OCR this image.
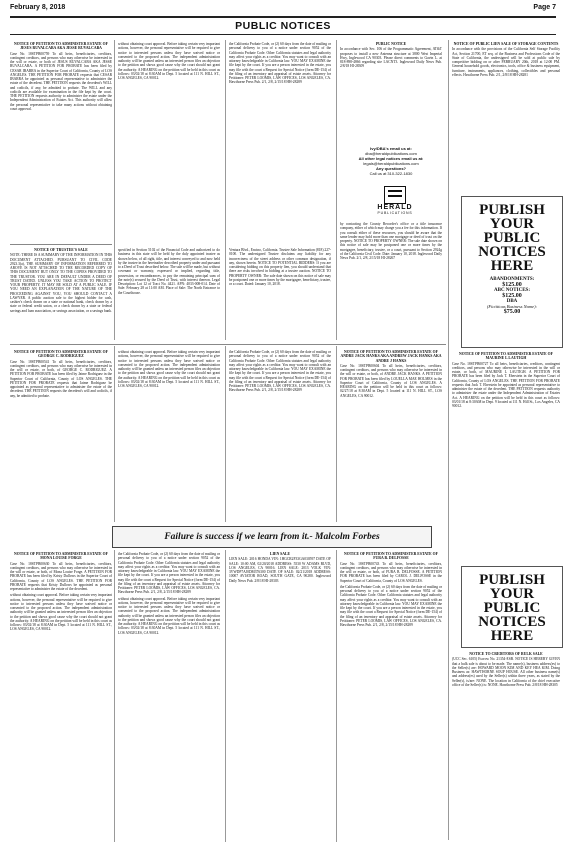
February 8, 2018	Page 7
PUBLIC NOTICES
NOTICE OF PETITION TO ADMINISTER ESTATE OF JESUS RUVALCABA AKA JESSE RUVALCABA

Case No. 18STPB00759 To all heirs, beneficiaries, creditors, contingent creditors, and persons who may otherwise be interested in the will or estate, or both of JESUS RUVALCABA AKA JESSE RUVALCABA. A PETITION FOR PROBATE has been filed by CESAR IBARRA in the Superior Court of California, County of LOS ANGELES. THE PETITION FOR PROBATE requests that CESAR IBARRA be appointed as personal representative to administer the estate of the decedent. THE PETITION requests the decedent's WILL and codicils, if any, be admitted to probate. The WILL and any codicils are available for examination in the file kept by the court. THE PETITION requests authority to administer the estate under the Independent Administration of Estates Act. This authority will allow the personal representative to take many actions without obtaining court approval.

NOTICE OF TRUSTEE'S SALE

NOTE: THERE IS A SUMMARY OF THE INFORMATION IN THIS DOCUMENT ATTACHED. PURSUANT TO CIVIL CODE 2923.3(a), THE SUMMARY OF INFORMATION REFERRED TO ABOVE IS NOT ATTACHED TO THE RECORDED COPY OF THIS DOCUMENT BUT ONLY TO THE COPIES PROVIDED TO THE TRUSTOR. YOU ARE IN DEFAULT UNDER A DEED OF TRUST DATED. UNLESS YOU TAKE ACTION TO PROTECT YOUR PROPERTY, IT MAY BE SOLD AT A PUBLIC SALE. IF YOU NEED AN EXPLANATION OF THE NATURE OF THE PROCEEDING AGAINST YOU, YOU SHOULD CONTACT A LAWYER. A public auction sale to the highest bidder for cash, cashier's check drawn on a state or national bank, check drawn by a state or federal credit union, or a check drawn by a state or federal savings and loan association, or savings association, or a savings bank.

without obtaining court approval. Before taking certain very important actions, however, the personal representative will be required to give notice to interested persons unless they have waived notice or consented to the proposed action. The independent administration authority will be granted unless an interested person files an objection to the petition and shows good cause why the court should not grant the authority. A HEARING on the petition will be held in this court as follows: 03/02/18 at 8:30AM in Dept. 5 located at 111 N. HILL ST., LOS ANGELES, CA 90012.

specified in Section 5102 of the Financial Code and authorized to do business in this state will be held by the duly appointed trustee as shown below, of all right, title, and interest conveyed to and now held by the trustee in the hereinafter described property under and pursuant to a Deed of Trust described below. The sale will be made, but without covenant or warranty, expressed or implied, regarding title, possession, or encumbrances, to pay the remaining principal sum of the note(s) secured by the Deed of Trust, with interest thereon. Legal Description: Lot 12 of Tract No. 4421. APN: 4033-008-014. Date of Sale: February 28 at 11:00 AM. Place of Sale: The North Entrance to the Courthouse.

the California Probate Code, or (2) 60 days from the date of mailing or personal delivery to you of a notice under section 9052 of the California Probate Code. Other California statutes and legal authority may affect your rights as a creditor. You may want to consult with an attorney knowledgeable in California law. YOU MAY EXAMINE the file kept by the court. If you are a person interested in the estate, you may file with the court a Request for Special Notice (form DE-154) of the filing of an inventory and appraisal of estate assets. Attorney for Petitioner: PETER LOOMIS, LAW OFFICES, LOS ANGELES, CA. Hawthorne Press Pub. 2/1, 2/8, 2/15/18 HH-28289

Ventura Blvd., Encino, California. Trustee Sale Information (818) 227-0100. The undersigned Trustee disclaims any liability for any incorrectness of the street address or other common designation, if any, shown herein. NOTICE TO POTENTIAL BIDDERS: If you are considering bidding on this property lien, you should understand that there are risks involved in bidding at a trustee auction. NOTICE TO PROPERTY OWNER: The sale date shown on this notice of sale may be postponed one or more times by the mortgagee, beneficiary, trustee, or a court. Dated: January 10, 2018.

PUBLIC NOTICE

In accordance with Sec. 106 of the Programmatic Agreement, AT&T proposes to install a new Antenna structure at 3800 West Imperial Hwy, Inglewood CA 90303. Please direct comments to Gavin L. at 818-898-4866 regarding site LACNT3. Inglewood Daily News Pub. 2/8/18 HI-28309

Ivy/DBA's email us at:
dba@heraldpublications.com
All other legal notices email us at:
legals@heraldpublications.com
Any questions?
Call us at 310-322-1830
HERALD
PUBLICATIONS

by contacting the County Recorder's office or a title insurance company, either of which may charge you a fee for this information. If you consult either of these resources, you should be aware that the same lender may hold more than one mortgage or deed of trust on the property. NOTICE TO PROPERTY OWNER: The sale date shown on this notice of sale may be postponed one or more times by the mortgagee, beneficiary, trustee, or a court, pursuant to Section 2924g of the California Civil Code. Date: January 10, 2018. Inglewood Daily News Pub. 2/1, 2/8, 2/15/18 HI-28267

NOTICE OF PUBLIC LIEN SALE OF STORAGE CONTENTS

In accordance with the provisions of the California Self Storage Facility Act, Section 21700, ET seq. of the Business and Professions Code of the State of California, the undersigned will be sold at public sale by competitive bidding on or after FEBRUARY 20th, 2018 at 12:00 PM. General household goods, electronics, tools, office & business equipment, furniture, instruments, appliances, clothing, collectibles and personal effects. Hawthorne Press Pub. 2/1, 2/8/18 HH-28281

PUBLISH
YOUR
PUBLIC
NOTICES
HERE
ABANDONMENTS:
$125.00
ABC NOTICES:
$125.00
DBA
(Fictitious Business Name):
$75.00
NOTICE OF PETITION TO ADMINISTER ESTATE OF MAURINE L LAUTIGH

Case No. 18STPB00727 To all heirs, beneficiaries, creditors, contingent creditors, and persons who may otherwise be interested in the will or estate, or both, of MAURINE L LAUTIGH. A PETITION FOR PROBATE has been filed by Jack T. Eberstein in the Superior Court of California, County of LOS ANGELES. THE PETITION FOR PROBATE requests that Jack T. Eberstein be appointed as personal representative to administer the estate of the decedent. THE PETITION requests authority to administer the estate under the Independent Administration of Estates Act. A HEARING on the petition will be held in this court as follows: 03/01/18 at 8:30AM in Dept. 9 located at 111 N. Hill St., Los Angeles, CA 90012.

PUBLISH
YOUR
PUBLIC
NOTICES
HERE
NOTICE TO CREDITORS OF BULK SALE

(UCC Sec. 6105) Escrow No. 21354-ESB. NOTICE IS HEREBY GIVEN that a bulk sale is about to be made. The name(s), business address(es) to the Seller(s) are: HOWARD MOON KIM AND KEY HEA KIM. Doing Business as: HAWTHORNE SOUP HOUSE. All other business name(s) and address(es) used by the Seller(s) within three years, as stated by the Seller(s), is/are: NONE. The location in California of the chief executive office of the Seller(s) is: NONE. Hawthorne Press Pub. 2/8/18 HH-28305

NOTICE OF PETITION TO ADMINISTER ESTATE OF GEORGE C. RODRIGUEZ

Case No. 18STPB00541 To all heirs, beneficiaries, creditors, contingent creditors, and persons who may otherwise be interested in the will or estate, or both, of GEORGE C. RODRIGUEZ. A PETITION FOR PROBATE has been filed by Jaime Rodriguez in the Superior Court of California, County of LOS ANGELES. THE PETITION FOR PROBATE requests that Jaime Rodriguez be appointed as personal representative to administer the estate of the decedent. THE PETITION requests the decedent's will and codicils, if any, be admitted to probate.

without obtaining court approval. Before taking certain very important actions, however, the personal representative will be required to give notice to interested persons unless they have waived notice or consented to the proposed action. The independent administration authority will be granted unless an interested person files an objection to the petition and shows good cause why the court should not grant the authority. A HEARING on the petition will be held in this court as follows: 03/02/18 at 8:30AM in Dept. 5 located at 111 N. HILL ST., LOS ANGELES, CA 90012.

the California Probate Code, or (2) 60 days from the date of mailing or personal delivery to you of a notice under section 9052 of the California Probate Code. Other California statutes and legal authority may affect your rights as a creditor. You may want to consult with an attorney knowledgeable in California law. YOU MAY EXAMINE the file kept by the court. If you are a person interested in the estate, you may file with the court a Request for Special Notice (form DE-154) of the filing of an inventory and appraisal of estate assets. Attorney for Petitioner: PETER LOOMIS, LAW OFFICES, LOS ANGELES, CA. Hawthorne Press Pub. 2/1, 2/8, 2/15/18 HH-28289

NOTICE OF PETITION TO ADMINISTER ESTATE OF ANDRE JACK HANKS AKA ANDREW JACK HANKS AKA ANDRE J HANKS

Case No. 18STPB00604 To all heirs, beneficiaries, creditors, contingent creditors, and persons who may otherwise be interested in the will or estate, or both, of ANDRE JACK HANKS. A PETITION FOR PROBATE has been filed by LOUELLA MAE HOLMES in the Superior Court of California, County of LOS ANGELES. A HEARING on the petition will be held in this court as follows: 02/27/18 at 8:30AM in Dept. 5 located at 111 N. HILL ST., LOS ANGELES, CA 90012.

Failure is success if we learn from it.- Malcolm Forbes
NOTICE OF PETITION TO ADMINISTER ESTATE OF MONA LOUISE FORGE

Case No. 18STPB00630 To all heirs, beneficiaries, creditors, contingent creditors, and persons who may otherwise be interested in the will or estate, or both, of Mona Louise Forge. A PETITION FOR PROBATE has been filed by Kristy Dullows in the Superior Court of California, County of LOS ANGELES. THE PETITION FOR PROBATE requests that Kristy Dullows be appointed as personal representative to administer the estate of the decedent.

without obtaining court approval. Before taking certain very important actions, however, the personal representative will be required to give notice to interested persons unless they have waived notice or consented to the proposed action. The independent administration authority will be granted unless an interested person files an objection to the petition and shows good cause why the court should not grant the authority. A HEARING on the petition will be held in this court as follows: 03/02/18 at 8:30AM in Dept. 5 located at 111 N. HILL ST., LOS ANGELES, CA 90012.

the California Probate Code, or (2) 60 days from the date of mailing or personal delivery to you of a notice under section 9052 of the California Probate Code. Other California statutes and legal authority may affect your rights as a creditor. You may want to consult with an attorney knowledgeable in California law. YOU MAY EXAMINE the file kept by the court. If you are a person interested in the estate, you may file with the court a Request for Special Notice (form DE-154) of the filing of an inventory and appraisal of estate assets. Attorney for Petitioner: PETER LOOMIS, LAW OFFICES, LOS ANGELES, CA. Hawthorne Press Pub. 2/1, 2/8, 2/15/18 HH-28289

without obtaining court approval. Before taking certain very important actions, however, the personal representative will be required to give notice to interested persons unless they have waived notice or consented to the proposed action. The independent administration authority will be granted unless an interested person files an objection to the petition and shows good cause why the court should not grant the authority. A HEARING on the petition will be held in this court as follows: 03/02/18 at 8:30AM in Dept. 5 located at 111 N. HILL ST., LOS ANGELES, CA 90012.

LIEN SALE

LIEN SALE: 2016 HONDA VIN: 1HGCR2F33GA030597 DATE OF SALE: 10:00 AM, 02/20/2018 ADDRESS: 5530 W ADAMS BLVD, LOS ANGELES, CA 90016. LIEN SALE: 2013 VOLK VIN: 3VWDP7AJ0DM376300 DATE OF SALE: 02/21/2018 ADDRESS: 10007 AVIATOR ROAD, SOUTH GATE, CA 90280. Inglewood Daily News Pub. 2/8/18 HI-28303

NOTICE OF PETITION TO ADMINISTER ESTATE OF FURA B. DELFOSSE

Case No. 18STPB00743 To all heirs, beneficiaries, creditors, contingent creditors, and persons who may otherwise be interested in the will or estate, or both, of FURA B. DELFOSSE. A PETITION FOR PROBATE has been filed by CAROL J. DELFOSSE in the Superior Court of California, County of LOS ANGELES.

the California Probate Code, or (2) 60 days from the date of mailing or personal delivery to you of a notice under section 9052 of the California Probate Code. Other California statutes and legal authority may affect your rights as a creditor. You may want to consult with an attorney knowledgeable in California law. YOU MAY EXAMINE the file kept by the court. If you are a person interested in the estate, you may file with the court a Request for Special Notice (form DE-154) of the filing of an inventory and appraisal of estate assets. Attorney for Petitioner: PETER LOOMIS, LAW OFFICES, LOS ANGELES, CA. Hawthorne Press Pub. 2/1, 2/8, 2/15/18 HH-28289
